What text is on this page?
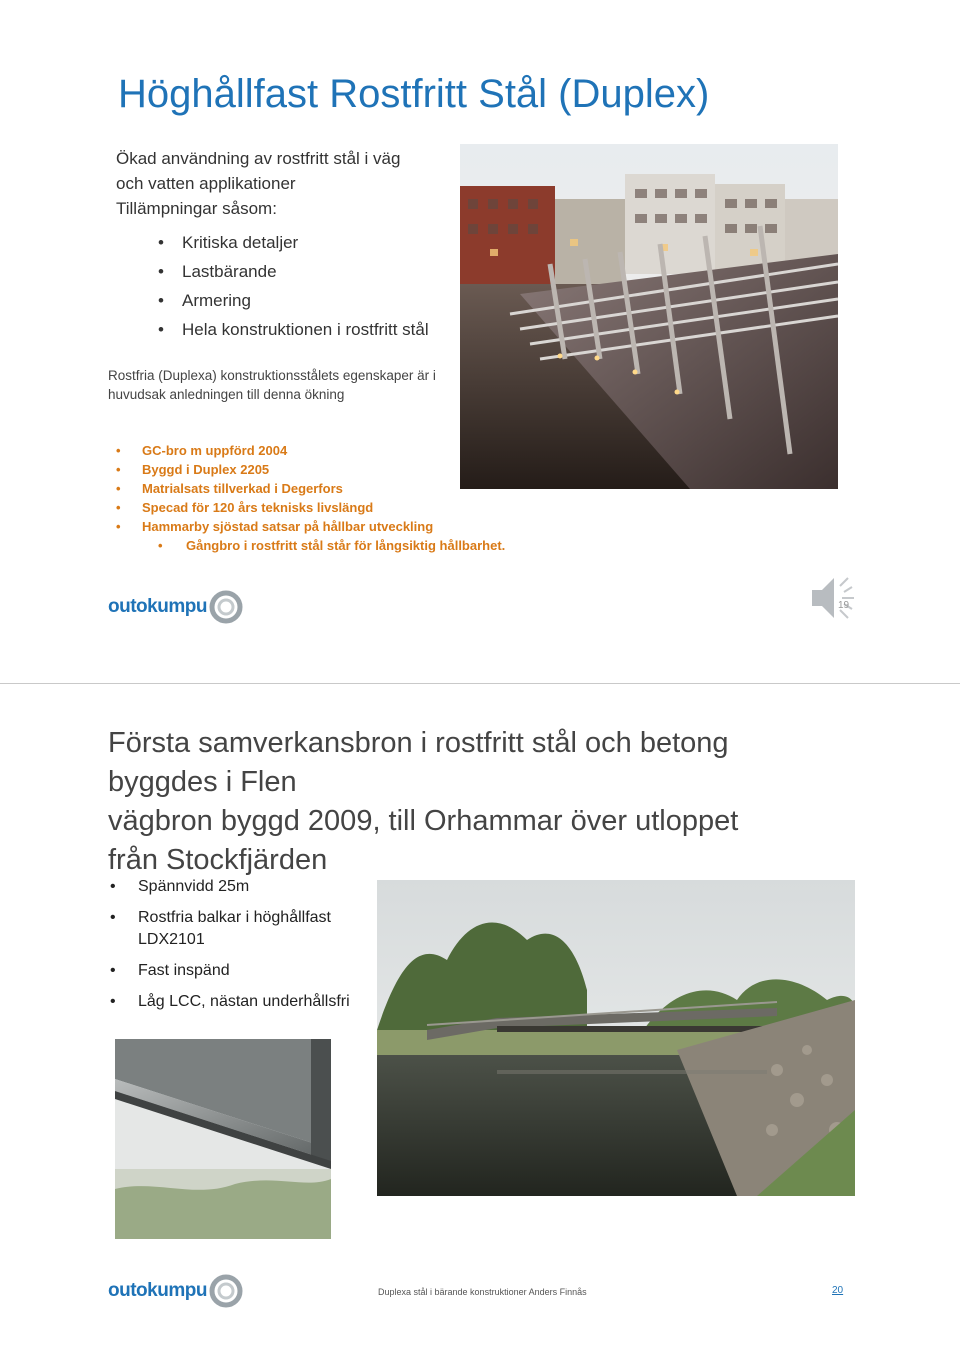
Höghållfast Rostfritt Stål (Duplex)

Ökad användning av rostfritt stål i väg

och vatten applikationer

Tillämpningar såsom:

• Kritiska detaljer
• Lastbärande
• Armering
• Hela konstruktionen i rostfritt stål
Rostfria (Duplexa) konstruktionsstålets egenskaper är i huvudsak anledningen till denna ökning
• GC-bro m uppförd 2004
• Byggd i Duplex 2205
• Matrialsats tillverkad i Degerfors
• Specad för 120 års teknisks livslängd
• Hammarby sjöstad satsar på hållbar utveckling
• Gångbro i rostfritt stål står för långsiktig hållbarhet.
outokumpu	19

Första samverkansbron i rostfritt stål och betong

byggdes i Flen

vägbron byggd 2009, till Orhammar över utloppet

från Stockfjärden

• Spännvidd 25m
• Rostfria balkar i höghållfast LDX2101
• Fast inspänd
• Låg LCC, nästan underhållsfri
outokumpu	Duplexa stål i bärande konstruktioner Anders Finnås	20
